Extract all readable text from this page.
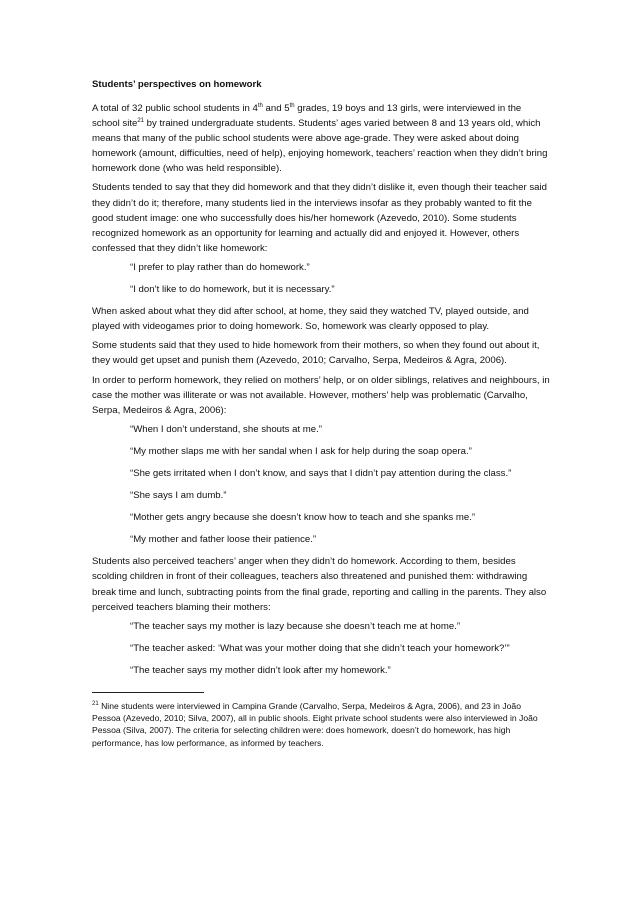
Students’ perspectives on homework

A total of 32 public school students in 4th and 5th grades, 19 boys and 13 girls, were interviewed in the school site$^{21}$ by trained undergraduate students. Students’ ages varied between 8 and 13 years old, which means that many of the public school students were above age-grade. They were asked about doing homework (amount, difficulties, need of help), enjoying homework, teachers’ reaction when they didn’t bring homework done (who was held responsible).

Students tended to say that they did homework and that they didn’t dislike it, even though their teacher said they didn’t do it; therefore, many students lied in the interviews insofar as they probably wanted to fit the good student image: one who successfully does his/her homework (Azevedo, 2010). Some students recognized homework as an opportunity for learning and actually did and enjoyed it. However, others confessed that they didn’t like homework:

“I prefer to play rather than do homework.”

“I don’t like to do homework, but it is necessary.”

When asked about what they did after school, at home, they said they watched TV, played outside, and played with videogames prior to doing homework. So, homework was clearly opposed to play.

Some students said that they used to hide homework from their mothers, so when they found out about it, they would get upset and punish them (Azevedo, 2010; Carvalho, Serpa, Medeiros & Agra, 2006).

In order to perform homework, they relied on mothers’ help, or on older siblings, relatives and neighbours, in case the mother was illiterate or was not available. However, mothers’ help was problematic (Carvalho, Serpa, Medeiros & Agra, 2006):

“When I don’t understand, she shouts at me.”

“My mother slaps me with her sandal when I ask for help during the soap opera.”

“She gets irritated when I don’t know, and says that I didn’t pay attention during the class.”

“She says I am dumb.”

“Mother gets angry because she doesn’t know how to teach and she spanks me.”

“My mother and father loose their patience.”

Students also perceived teachers’ anger when they didn’t do homework. According to them, besides scolding children in front of their colleagues, teachers also threatened and punished them: withdrawing break time and lunch, subtracting points from the final grade, reporting and calling in the parents. They also perceived teachers blaming their mothers:

“The teacher says my mother is lazy because she doesn’t teach me at home.”

“The teacher asked: ‘What was your mother doing that she didn’t teach your homework?’”

“The teacher says my mother didn’t look after my homework.”

$^{21}$ Nine students were interviewed in Campina Grande (Carvalho, Serpa, Medeiros & Agra, 2006), and 23 in João Pessoa (Azevedo, 2010; Silva, 2007), all in public shools. Eight private school students were also interviewed in João Pessoa (Silva, 2007). The criteria for selecting children were: does homework, doesn’t do homework, has high performance, has low performance, as informed by teachers.
